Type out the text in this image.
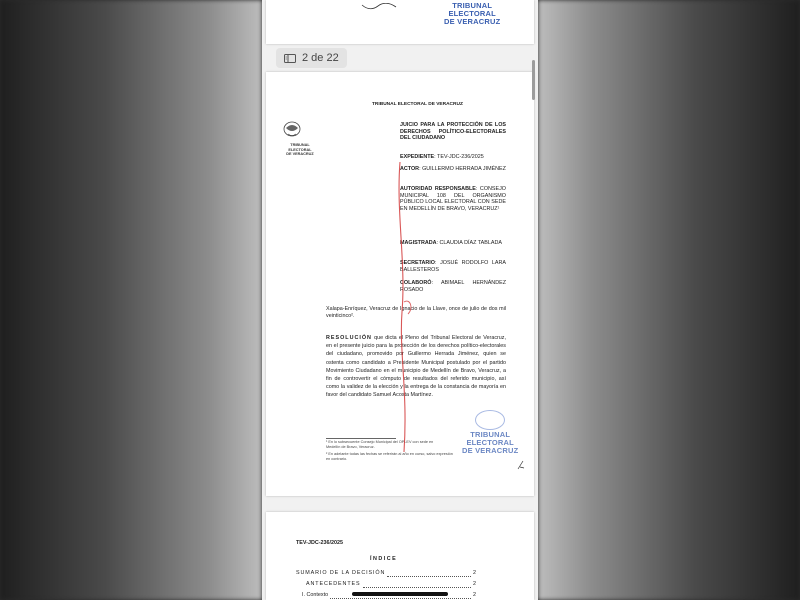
TRIBUNAL
ELECTORAL
DE VERACRUZ
2 de 22
TRIBUNAL ELECTORAL DE VERACRUZ
TRIBUNAL ELECTORAL
DE VERACRUZ
JUICIO PARA LA PROTECCIÓN DE LOS DERECHOS POLÍTICO-ELECTORALES DEL CIUDADANO
EXPEDIENTE: TEV-JDC-236/2025
ACTOR: GUILLERMO HERRADA JIMÉNEZ
AUTORIDAD RESPONSABLE: CONSEJO MUNICIPAL 108 DEL ORGANISMO PÚBLICO LOCAL ELECTORAL CON SEDE EN MEDELLÍN DE BRAVO, VERACRUZ¹
MAGISTRADA: CLAUDIA DÍAZ TABLADA
SECRETARIO: JOSUÉ RODOLFO LARA BALLESTEROS
COLABORÓ: ABIMAEL HERNÁNDEZ ROSADO
Xalapa-Enríquez, Veracruz de Ignacio de la Llave, once de julio de dos mil veinticinco².
RESOLUCIÓN que dicta el Pleno del Tribunal Electoral de Veracruz, en el presente juicio para la protección de los derechos político-electorales del ciudadano, promovido por Guillermo Herrada Jiménez, quien se ostenta como candidato a Presidente Municipal postulado por el partido Movimiento Ciudadano en el municipio de Medellín de Bravo, Veracruz, a fin de controvertir el cómputo de resultados del referido municipio, así como la validez de la elección y la entrega de la constancia de mayoría en favor del candidato Samuel Acosta Martínez.
¹ En lo subsecuente Consejo Municipal del OPLEV con sede en Medellín de Bravo, Veracruz.
² En adelante todas las fechas se referirán al año en curso, salvo expresión en contrario.
TRIBUNAL
ELECTORAL
DE VERACRUZ
TEV-JDC-236/2025
ÍNDICE
SUMARIO DE LA DECISIÓN	2
ANTECEDENTES	2
I. Contexto	2
